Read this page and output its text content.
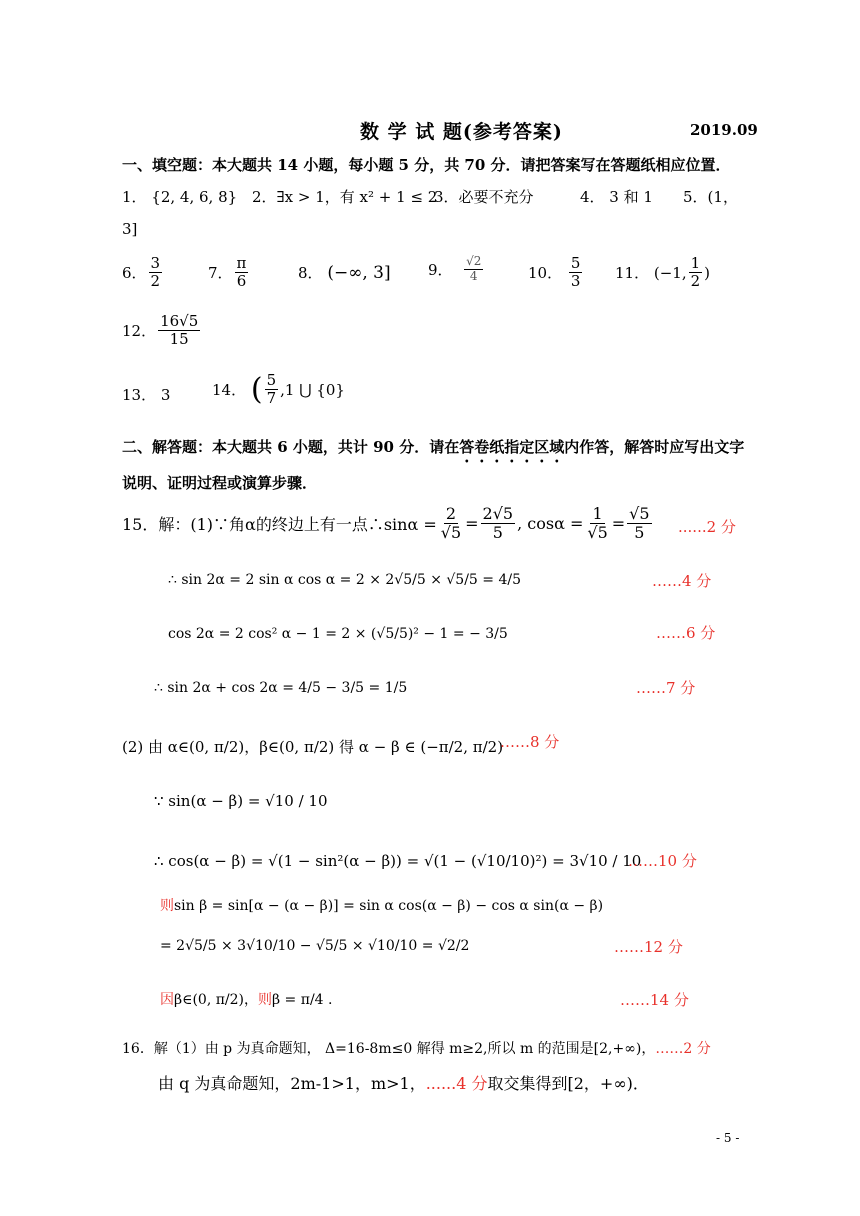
数 学 试 题(参考答案)	2019.09
一、填空题：本大题共 14 小题，每小题 5 分，共 70 分．请把答案写在答题纸相应位置．
1． {2, 4, 6, 8} 2．∃x > 1，有 x² + 1 ≤ 2
3．必要不充分	4． 3 和 1 5．(1，
3]
6． $\frac{3}{2}$	7． $\frac{\pi}{6}$	8．
(−∞, 3] 9．
$\frac{√2}{4}$	10．
$\frac{5}{3} 11$．
(−1, $\frac{1}{2}$ )
12． $\frac{16√5}{15}$
13． 3	14．
( $\frac{5}{7} ,1$ ⋃ {0}
二、解答题：本大题共 6 小题，共计 90 分．请在答卷纸指定区域内作答，解答时应写出文字
说明、证明过程或演算步骤．
15．解：(1)∵角α的终边上有一点∴sinα = $\frac{2}{√5} = \frac{2√5}{5}$ , $\cos\alpha = \frac{1}{√5} = \frac{√5}{5} ......2$ 分
∴ sin 2α = 2 sin α cos α = 2 × 2√5/5 × √5/5 = 4/5	……4 分
cos 2α = 2 cos² α − 1 = 2 × (√5/5)² − 1 = − 3/5	……6 分
∴ sin 2α + cos 2α = 4/5 − 3/5 = 1/5	……7 分
(2) 由 α∈(0, π/2)，β∈(0, π/2) 得 α − β ∈ (−π/2, π/2)
……8 分
∵ sin(α − β) = √10 / 10
∴ cos(α − β) = √(1 − sin²(α − β)) = √(1 − (√10/10)²) = 3√10 / 10
……10 分
则sin β = sin[α − (α − β)] = sin α cos(α − β) − cos α sin(α − β)
= 2√5/5 × 3√10/10 − √5/5 × √10/10 = √2/2	……12 分
因β∈(0, π/2)，则β = π/4 .	……14 分
16．解（1）由 p 为真命题知， Δ=16-8m≤0 解得 m≥2,所以 m 的范围是[2,+∞)，……2 分
由 q 为真命题知，2m-1>1，m>1，......4 分取交集得到[2，+∞)．
- 5 -
